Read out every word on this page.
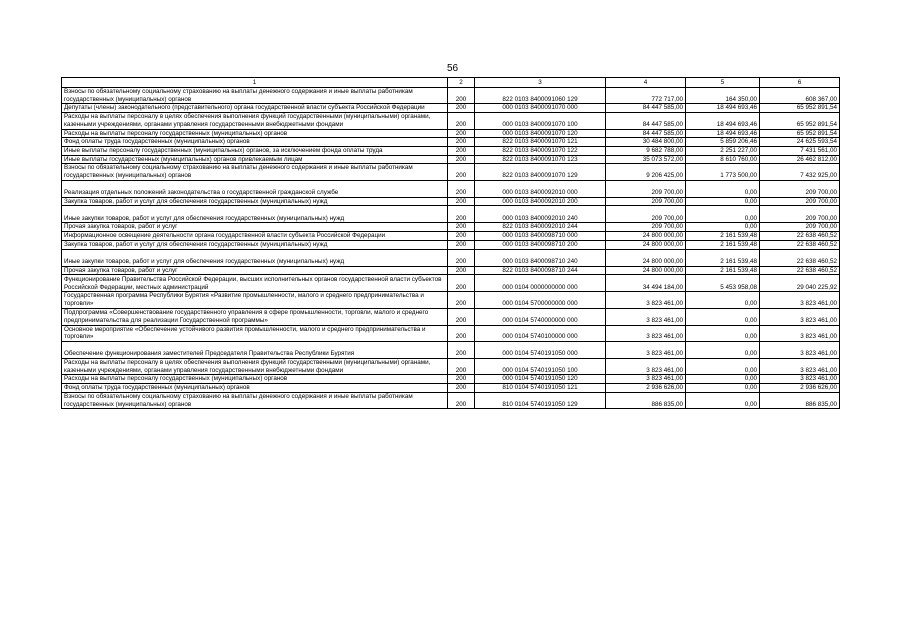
56
1	2	3	4	5	6
Взносы по обязательному социальному страхованию на выплаты денежного содержания и иные выплаты работникам государственных (муниципальных) органов	200	822 0103 8400091060 129	772 717,00	164 350,00	608 367,00
Депутаты (члены) законодательного (представительного) органа государственной власти субъекта Российской Федерации	200	000 0103 8400091070 000	84 447 585,00	18 494 693,46	65 952 891,54
Расходы на выплаты персоналу в целях обеспечения выполнения функций государственными (муниципальными) органами, казенными учреждениями, органами управления государственными внебюджетными фондами	200	000 0103 8400091070 100	84 447 585,00	18 494 693,46	65 952 891,54
Расходы на выплаты персоналу государственных (муниципальных) органов	200	000 0103 8400091070 120	84 447 585,00	18 494 693,46	65 952 891,54
Фонд оплаты труда государственных (муниципальных) органов	200	822 0103 8400091070 121	30 484 800,00	5 859 206,46	24 625 593,54
Иные выплаты персоналу государственных (муниципальных) органов, за исключением фонда оплаты труда	200	822 0103 8400091070 122	9 682 788,00	2 251 227,00	7 431 561,00
Иные выплаты государственных (муниципальных) органов привлекаемым лицам	200	822 0103 8400091070 123	35 073 572,00	8 610 760,00	26 462 812,00
Взносы по обязательному социальному страхованию на выплаты денежного содержания и иные выплаты работникам государственных (муниципальных) органов	200	822 0103 8400091070 129	9 206 425,00	1 773 500,00	7 432 925,00
Реализация отдельных положений законодательства о государственной гражданской службе	200	000 0103 8400092010 000	209 700,00	0,00	209 700,00
Закупка товаров, работ и услуг для обеспечения государственных (муниципальных) нужд	200	000 0103 8400092010 200	209 700,00	0,00	209 700,00
Иные закупки товаров, работ и услуг для обеспечения государственных (муниципальных) нужд	200	000 0103 8400092010 240	209 700,00	0,00	209 700,00
Прочая закупка товаров, работ и услуг	200	822 0103 8400092010 244	209 700,00	0,00	209 700,00
Информационное освещение деятельности органа государственной власти субъекта Российской Федерации	200	000 0103 8400098710 000	24 800 000,00	2 161 539,48	22 638 460,52
Закупка товаров, работ и услуг для обеспечения государственных (муниципальных) нужд	200	000 0103 8400098710 200	24 800 000,00	2 161 539,48	22 638 460,52
Иные закупки товаров, работ и услуг для обеспечения государственных (муниципальных) нужд	200	000 0103 8400098710 240	24 800 000,00	2 161 539,48	22 638 460,52
Прочая закупка товаров, работ и услуг	200	822 0103 8400098710 244	24 800 000,00	2 161 539,48	22 638 460,52
Функционирование Правительства Российской Федерации, высших исполнительных органов государственной власти субъектов Российской Федерации, местных администраций	200	000 0104 0000000000 000	34 494 184,00	5 453 958,08	29 040 225,92
Государственная программа Республики Бурятия «Развитие промышленности, малого и среднего предпринимательства и торговли»	200	000 0104 5700000000 000	3 823 461,00	0,00	3 823 461,00
Подпрограмма «Совершенствование государственного управления в сфере промышленности, торговли, малого и среднего предпринимательства для реализации Государственной программы»	200	000 0104 5740000000 000	3 823 461,00	0,00	3 823 461,00
Основное мероприятие «Обеспечение устойчивого развития промышленности, малого и среднего предпринимательства и торговли»	200	000 0104 5740100000 000	3 823 461,00	0,00	3 823 461,00
Обеспечение функционирования заместителей Председателя Правительства Республики Бурятия	200	000 0104 5740191050 000	3 823 461,00	0,00	3 823 461,00
Расходы на выплаты персоналу в целях обеспечения выполнения функций государственными (муниципальными) органами, казенными учреждениями, органами управления государственными внебюджетными фондами	200	000 0104 5740191050 100	3 823 461,00	0,00	3 823 461,00
Расходы на выплаты персоналу государственных (муниципальных) органов	200	000 0104 5740191050 120	3 823 461,00	0,00	3 823 461,00
Фонд оплаты труда государственных (муниципальных) органов	200	810 0104 5740191050 121	2 936 626,00	0,00	2 936 626,00
Взносы по обязательному социальному страхованию на выплаты денежного содержания и иные выплаты работникам государственных (муниципальных) органов	200	810 0104 5740191050 129	886 835,00	0,00	886 835,00
